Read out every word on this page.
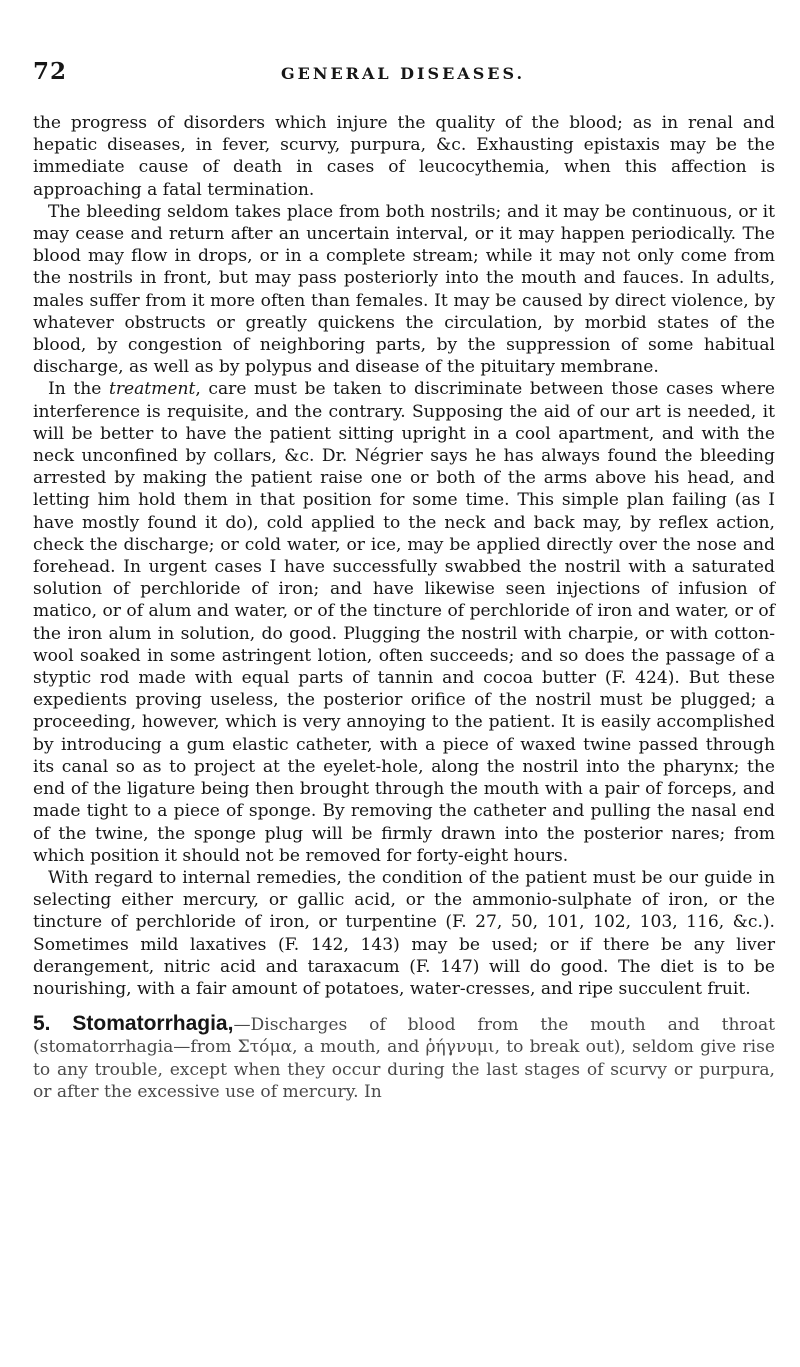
72	GENERAL DISEASES.

the progress of disorders which injure the quality of the blood; as in renal and hepatic diseases, in fever, scurvy, purpura, &c. Exhausting epistaxis may be the immediate cause of death in cases of leucocythemia, when this affection is approaching a fatal termination.

The bleeding seldom takes place from both nostrils; and it may be continuous, or it may cease and return after an uncertain interval, or it may happen periodically. The blood may flow in drops, or in a complete stream; while it may not only come from the nostrils in front, but may pass posteriorly into the mouth and fauces. In adults, males suffer from it more often than females. It may be caused by direct violence, by whatever obstructs or greatly quickens the circulation, by morbid states of the blood, by congestion of neighboring parts, by the suppression of some habitual discharge, as well as by polypus and disease of the pituitary membrane.

In the treatment, care must be taken to discriminate between those cases where interference is requisite, and the contrary. Supposing the aid of our art is needed, it will be better to have the patient sitting upright in a cool apartment, and with the neck unconfined by collars, &c. Dr. Négrier says he has always found the bleeding arrested by making the patient raise one or both of the arms above his head, and letting him hold them in that position for some time. This simple plan failing (as I have mostly found it do), cold applied to the neck and back may, by reflex action, check the discharge; or cold water, or ice, may be applied directly over the nose and forehead. In urgent cases I have successfully swabbed the nostril with a saturated solution of perchloride of iron; and have likewise seen injections of infusion of matico, or of alum and water, or of the tincture of perchloride of iron and water, or of the iron alum in solution, do good. Plugging the nostril with charpie, or with cotton-wool soaked in some astringent lotion, often succeeds; and so does the passage of a styptic rod made with equal parts of tannin and cocoa butter (F. 424). But these expedients proving useless, the posterior orifice of the nostril must be plugged; a proceeding, however, which is very annoying to the patient. It is easily accomplished by introducing a gum elastic catheter, with a piece of waxed twine passed through its canal so as to project at the eyelet-hole, along the nostril into the pharynx; the end of the ligature being then brought through the mouth with a pair of forceps, and made tight to a piece of sponge. By removing the catheter and pulling the nasal end of the twine, the sponge plug will be firmly drawn into the posterior nares; from which position it should not be removed for forty-eight hours.

With regard to internal remedies, the condition of the patient must be our guide in selecting either mercury, or gallic acid, or the ammonio-sulphate of iron, or the tincture of perchloride of iron, or turpentine (F. 27, 50, 101, 102, 103, 116, &c.). Sometimes mild laxatives (F. 142, 143) may be used; or if there be any liver derangement, nitric acid and taraxacum (F. 147) will do good. The diet is to be nourishing, with a fair amount of potatoes, water-cresses, and ripe succulent fruit.

5. Stomatorrhagia,—Discharges of blood from the mouth and throat (stomatorrhagia—from Στόμα, a mouth, and ῥήγνυμι, to break out), seldom give rise to any trouble, except when they occur during the last stages of scurvy or purpura, or after the excessive use of mercury. In
